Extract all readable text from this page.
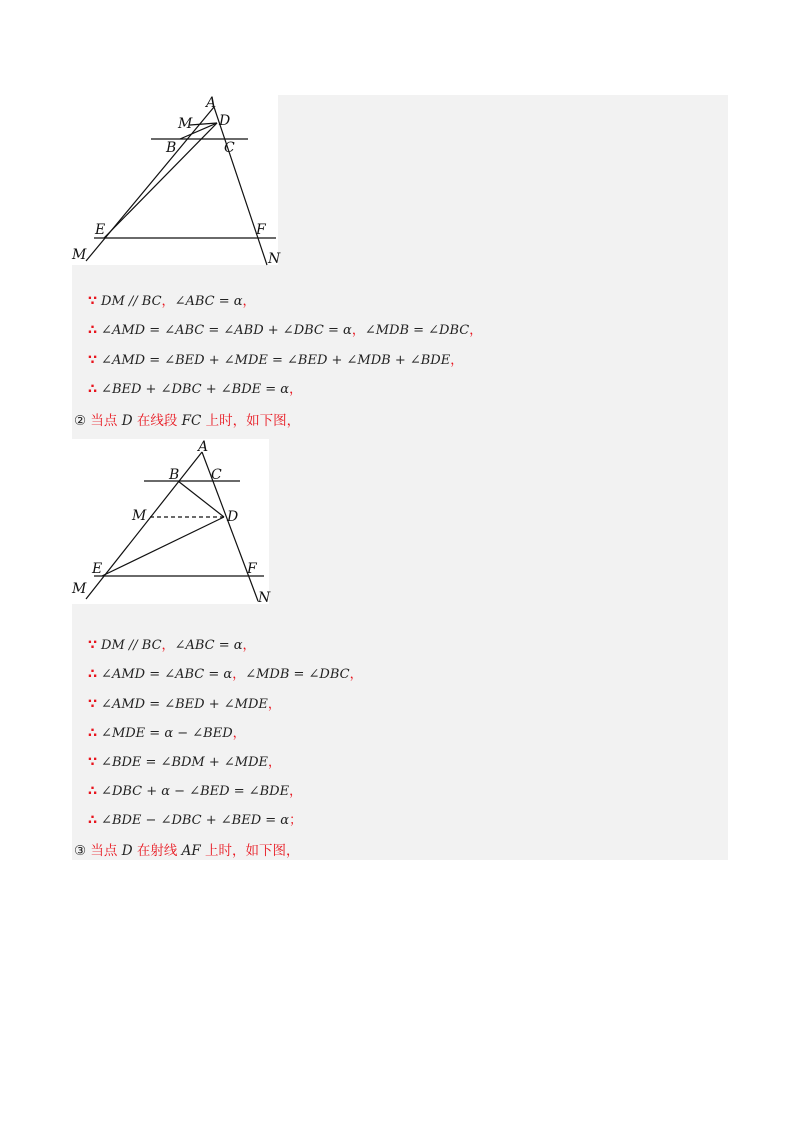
A
M D
B	C
E	F
M	N
∵ DM // BC，∠ABC = α，
∴ ∠AMD = ∠ABC = ∠ABD + ∠DBC = α，∠MDB = ∠DBC，
∵ ∠AMD = ∠BED + ∠MDE = ∠BED + ∠MDB + ∠BDE，
∴ ∠BED + ∠DBC + ∠BDE = α，
② 当点 D 在线段 FC 上时，如下图，
A
B C
M	D
E	F
M
N
∵ DM // BC，∠ABC = α，
∴ ∠AMD = ∠ABC = α，∠MDB = ∠DBC，
∵ ∠AMD = ∠BED + ∠MDE，
∴ ∠MDE = α − ∠BED，
∵ ∠BDE = ∠BDM + ∠MDE，
∴ ∠DBC + α − ∠BED = ∠BDE，
∴ ∠BDE − ∠DBC + ∠BED = α；
③ 当点 D 在射线 AF 上时，如下图，
